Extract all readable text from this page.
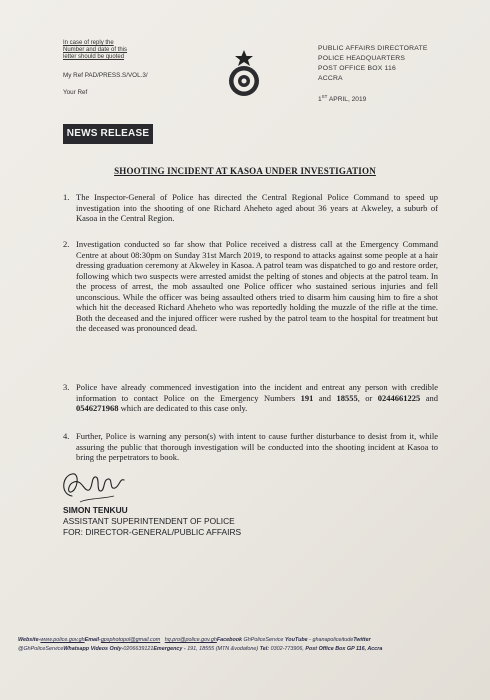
In case of reply the
Number and date of this
letter should be quoted
My Ref PAD/PRESS.S/VOL.3/
Your Ref
PUBLIC AFFAIRS DIRECTORATE
POLICE HEADQUARTERS
POST OFFICE BOX 116
ACCRA
1ST APRIL, 2019
NEWS RELEASE
SHOOTING INCIDENT AT KASOA UNDER INVESTIGATION
1. The Inspector-General of Police has directed the Central Regional Police Command to speed up investigation into the shooting of one Richard Aheheto aged about 36 years at Akweley, a suburb of Kasoa in the Central Region.
2. Investigation conducted so far show that Police received a distress call at the Emergency Command Centre at about 08:30pm on Sunday 31st March 2019, to respond to attacks against some people at a hair dressing graduation ceremony at Akweley in Kasoa. A patrol team was dispatched to go and restore order, following which two suspects were arrested amidst the pelting of stones and objects at the patrol team. In the process of arrest, the mob assaulted one Police officer who sustained serious injuries and fell unconscious. While the officer was being assaulted others tried to disarm him causing him to fire a shot which hit the deceased Richard Aheheto who was reportedly holding the muzzle of the rifle at the time. Both the deceased and the injured officer were rushed by the patrol team to the hospital for treatment but the deceased was pronounced dead.
3. Police have already commenced investigation into the incident and entreat any person with credible information to contact Police on the Emergency Numbers 191 and 18555, or 0244661225 and 0546271968 which are dedicated to this case only.
4. Further, Police is warning any person(s) with intent to cause further disturbance to desist from it, while assuring the public that thorough investigation will be conducted into the shooting incident at Kasoa to bring the perpetrators to book.
SIMON TENKUU
ASSISTANT SUPERINTENDENT OF POLICE
FOR: DIRECTOR-GENERAL/PUBLIC AFFAIRS
Website-www.police.gov.ghEmail-gpsphotopol@gmail.com hq.pro@police.gov.ghFacebook GhPoliceService YouTube - ghanapoliceitudeTwitter
@GhPoliceServiceWhatsapp Videos Only-0206639121Emergency - 191, 18555 (MTN &vodafone) Tel: 0302-773906, Post Office Box GP 116, Accra
